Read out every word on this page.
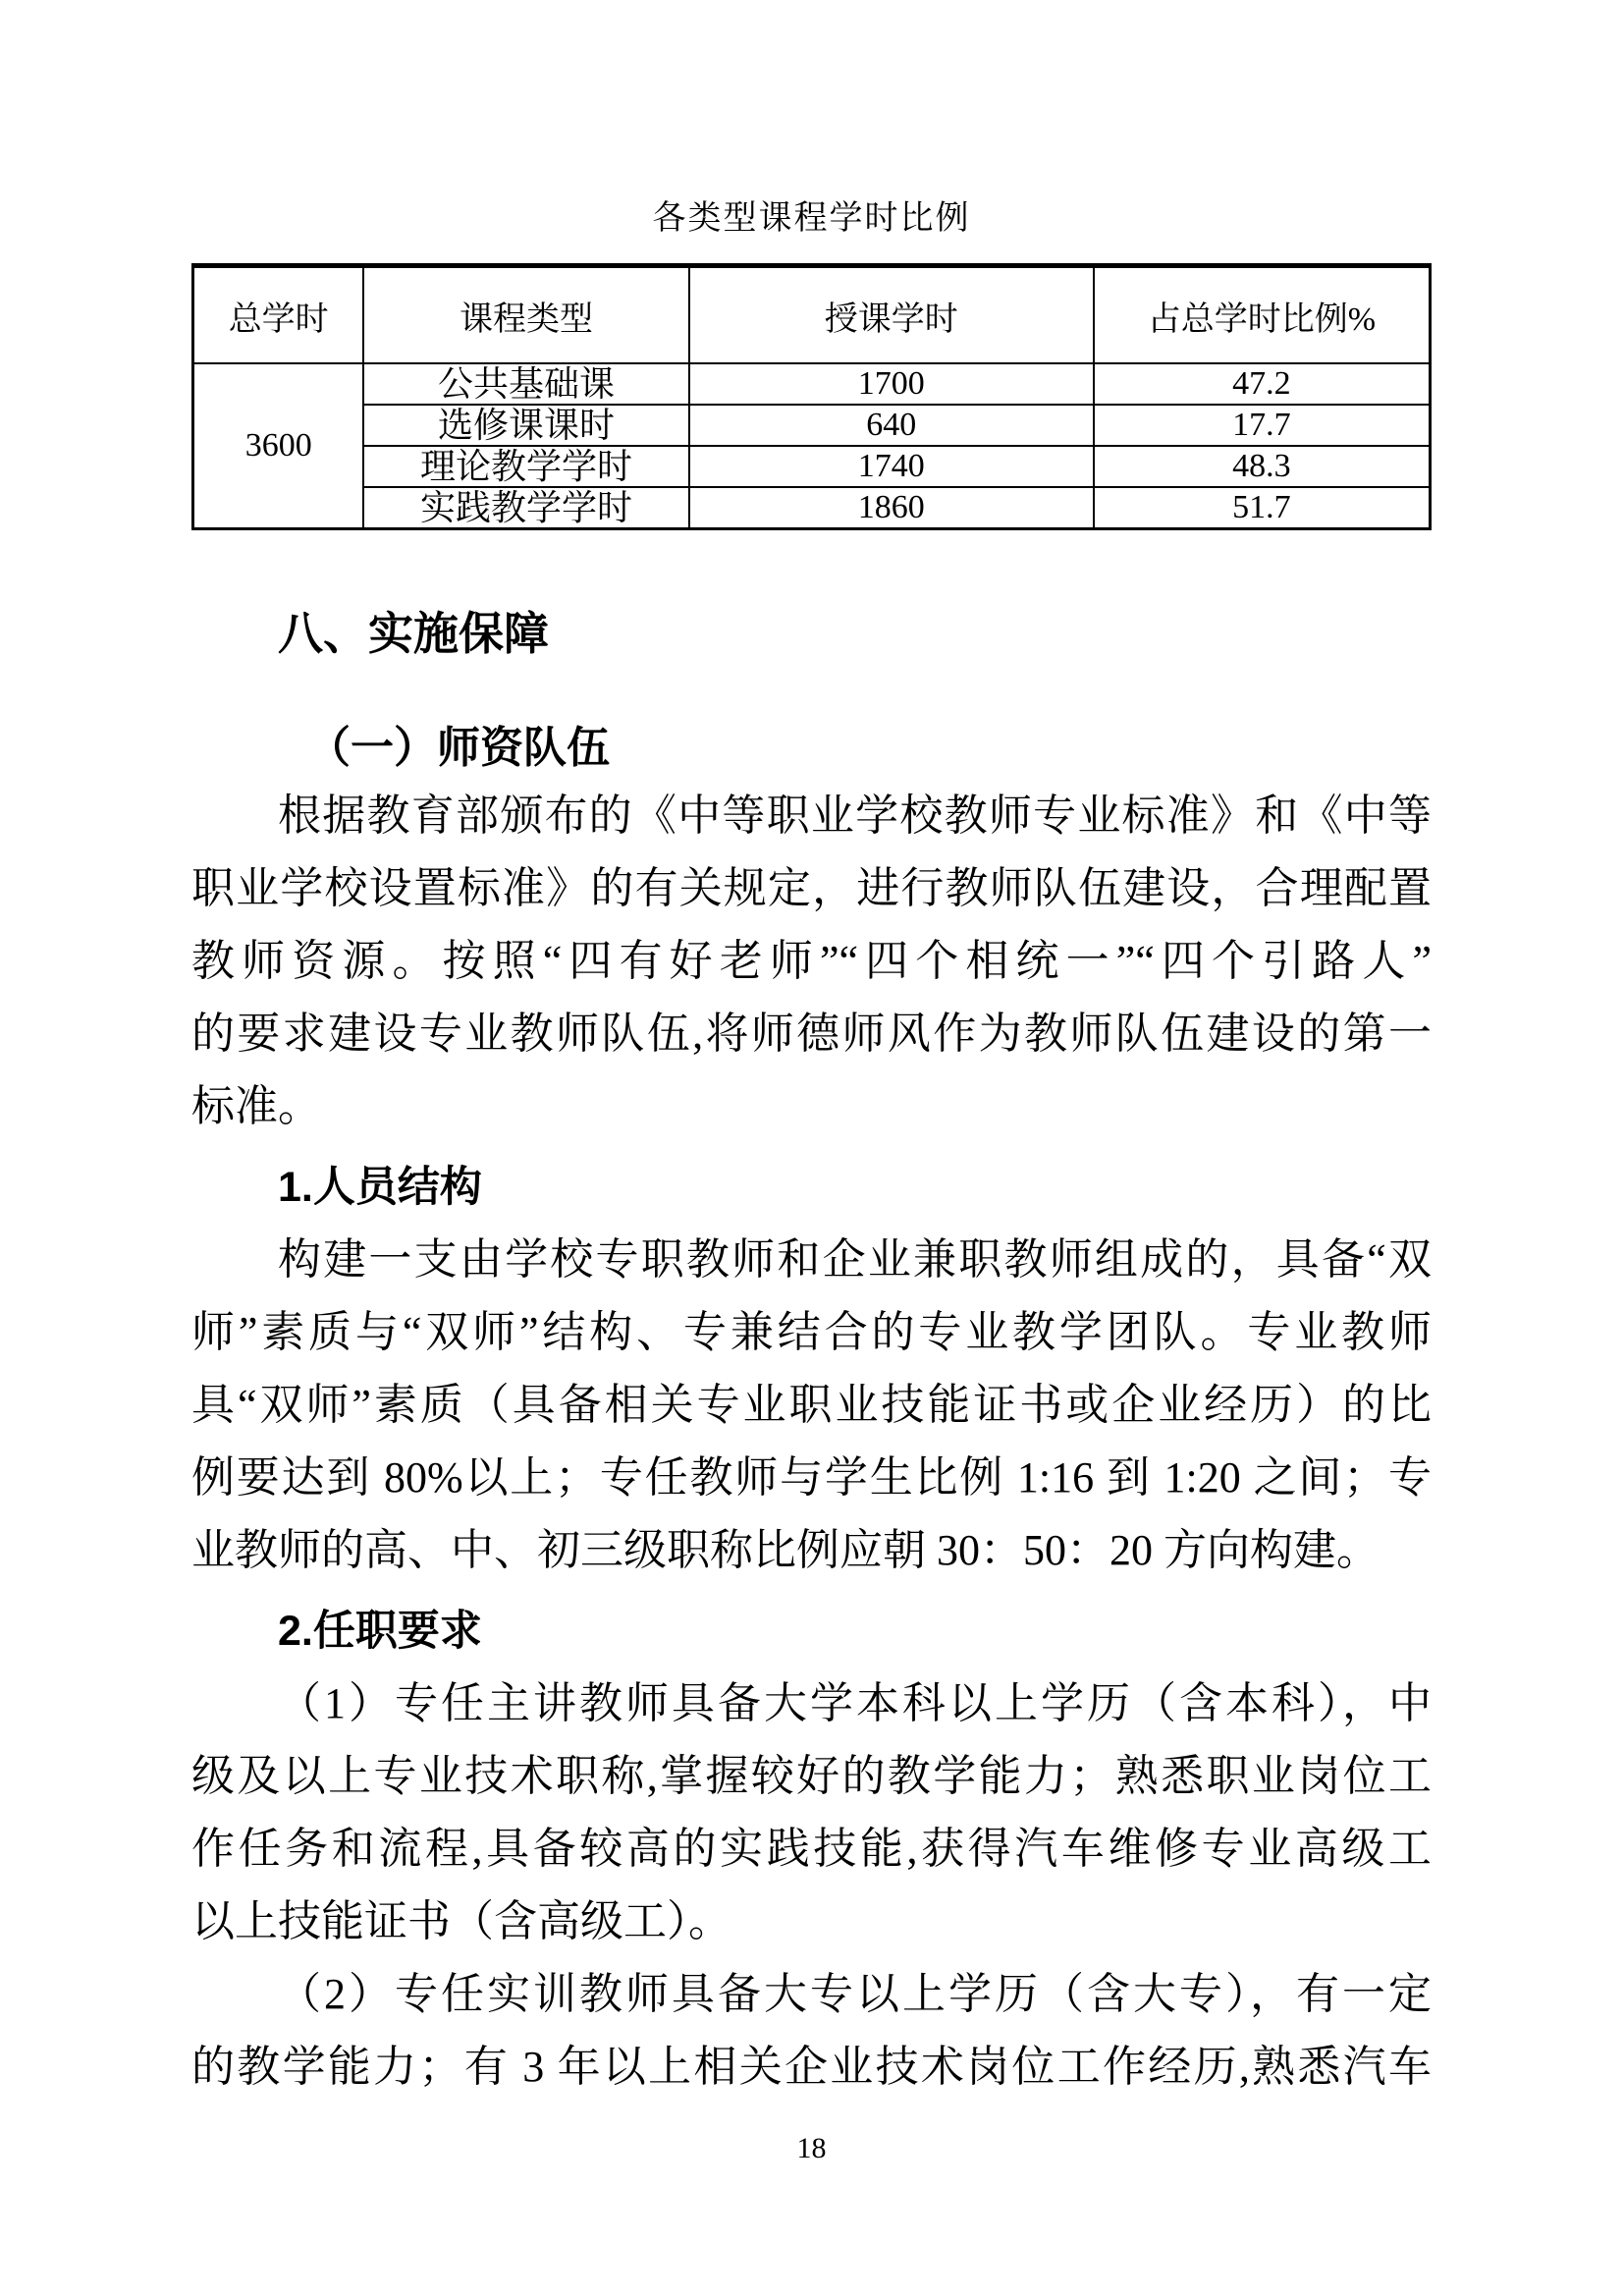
各类型课程学时比例
总学时	课程类型	授课学时	占总学时比例%
3600	公共基础课	1700	47.2
	选修课课时	640	17.7
	理论教学学时	1740	48.3
	实践教学学时	1860	51.7
八、实施保障
（一）师资队伍
根据教育部颁布的《中等职业学校教师专业标准》和《中等
职业学校设置标准》的有关规定，进行教师队伍建设，合理配置
教师资源。按照“四有好老师”“四个相统一”“四个引路人”
的要求建设专业教师队伍,将师德师风作为教师队伍建设的第一
标准。
1.人员结构
构建一支由学校专职教师和企业兼职教师组成的，具备“双
师”素质与“双师”结构、专兼结合的专业教学团队。专业教师
具“双师”素质（具备相关专业职业技能证书或企业经历）的比
例要达到 80%以上；专任教师与学生比例 1:16 到 1:20 之间；专
业教师的高、中、初三级职称比例应朝 30：50：20 方向构建。
2.任职要求
（1）专任主讲教师具备大学本科以上学历（含本科），中
级及以上专业技术职称,掌握较好的教学能力；熟悉职业岗位工
作任务和流程,具备较高的实践技能,获得汽车维修专业高级工
以上技能证书（含高级工）。
（2）专任实训教师具备大专以上学历（含大专），有一定
的教学能力；有 3 年以上相关企业技术岗位工作经历,熟悉汽车
18
